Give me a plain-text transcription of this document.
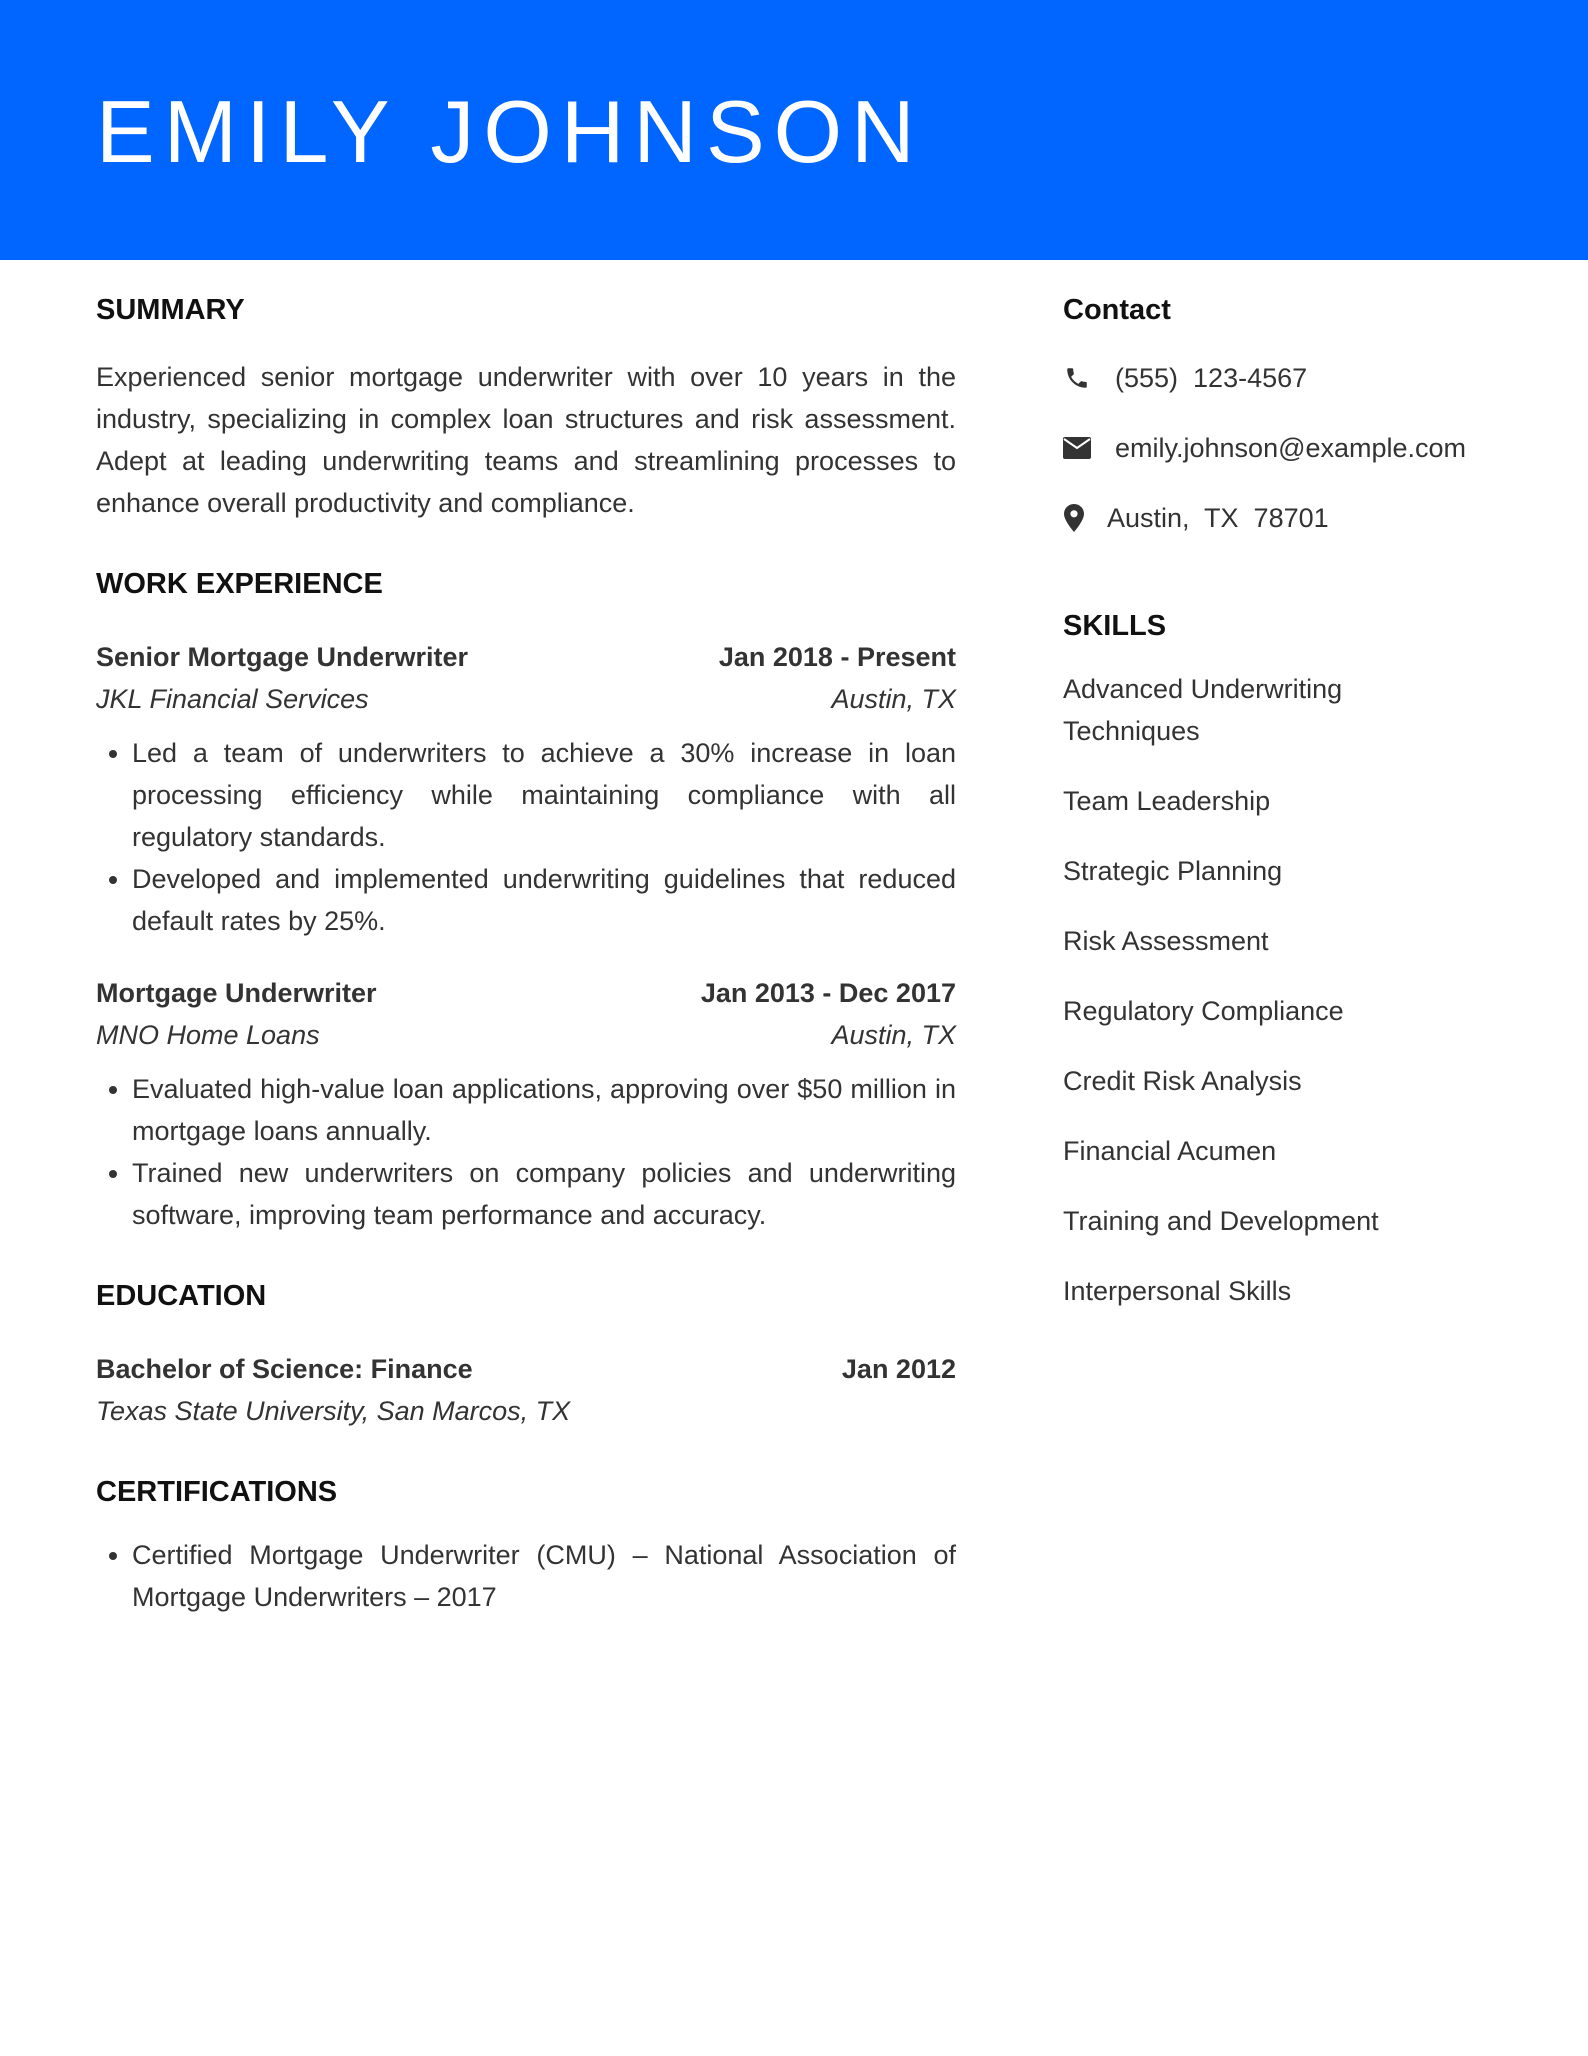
EMILY JOHNSON
SUMMARY

Experienced senior mortgage underwriter with over 10 years in the industry, specializing in complex loan structures and risk assessment. Adept at leading underwriting teams and streamlining processes to enhance overall productivity and compliance.

WORK EXPERIENCE
Senior Mortgage Underwriter	Jan 2018 - Present
JKL Financial Services	Austin, TX
• Led a team of underwriters to achieve a 30% increase in loan processing efficiency while maintaining compliance with all regulatory standards.
• Developed and implemented underwriting guidelines that reduced default rates by 25%.
Mortgage Underwriter	Jan 2013 - Dec 2017
MNO Home Loans	Austin, TX
• Evaluated high-value loan applications, approving over $50 million in mortgage loans annually.
• Trained new underwriters on company policies and underwriting software, improving team performance and accuracy.
EDUCATION
Bachelor of Science: Finance	Jan 2012
Texas State University, San Marcos, TX
CERTIFICATIONS
• Certified Mortgage Underwriter (CMU) – National Association of Mortgage Underwriters – 2017
Contact
(555)  123-4567
emily.johnson@example.com
Austin,  TX  78701
SKILLS
Advanced Underwriting Techniques
Team Leadership
Strategic Planning
Risk Assessment
Regulatory Compliance
Credit Risk Analysis
Financial Acumen
Training and Development
Interpersonal Skills
